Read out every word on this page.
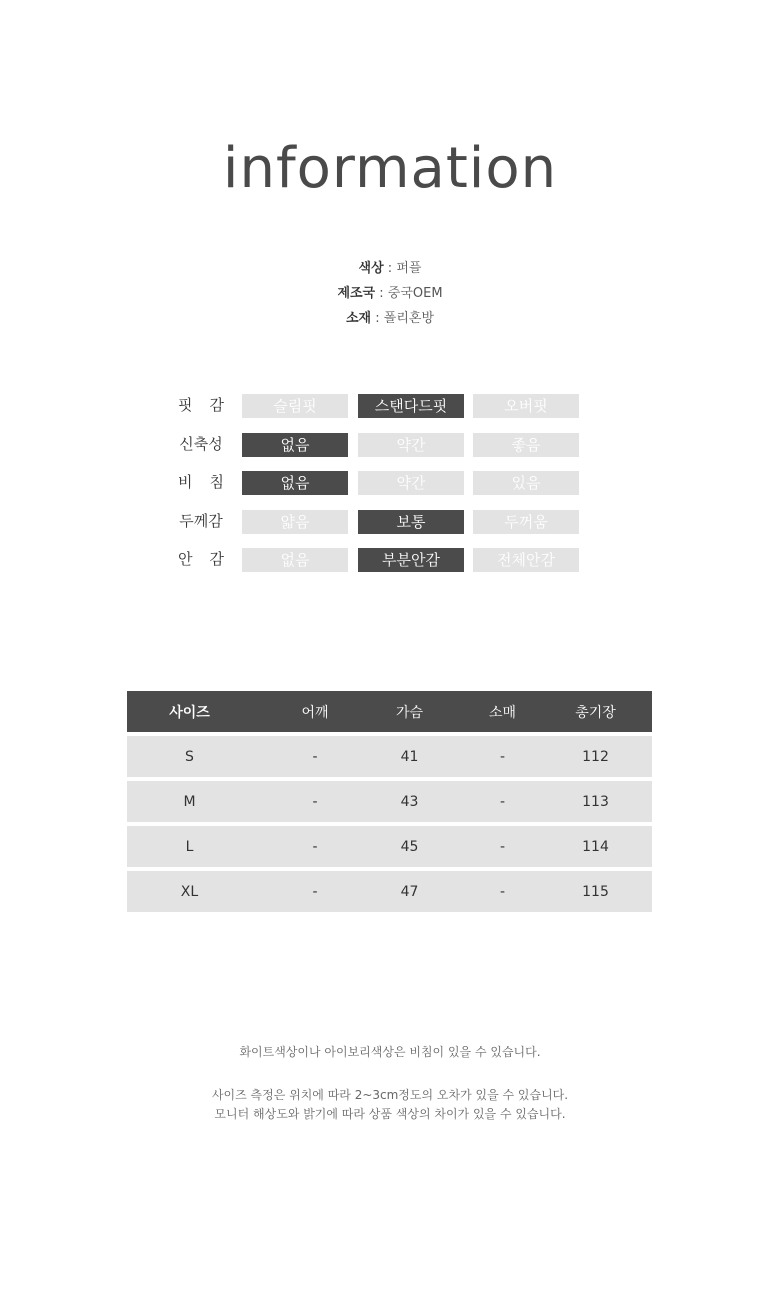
information
색상 : 퍼플
제조국 : 중국OEM
소재 : 폴리혼방
핏 감	슬림핏	스탠다드핏	오버핏
신축성	없음	약간	좋음
비 침	없음	약간	있음
두께감	얇음	보통	두꺼움
안 감	없음	부분안감	전체안감
사이즈	어깨	가슴	소매	총기장
S	-	41	-	112
M	-	43	-	113
L	-	45	-	114
XL	-	47	-	115
화이트색상이나 아이보리색상은 비침이 있을 수 있습니다.
사이즈 측정은 위치에 따라 2~3cm정도의 오차가 있을 수 있습니다.
모니터 해상도와 밝기에 따라 상품 색상의 차이가 있을 수 있습니다.
